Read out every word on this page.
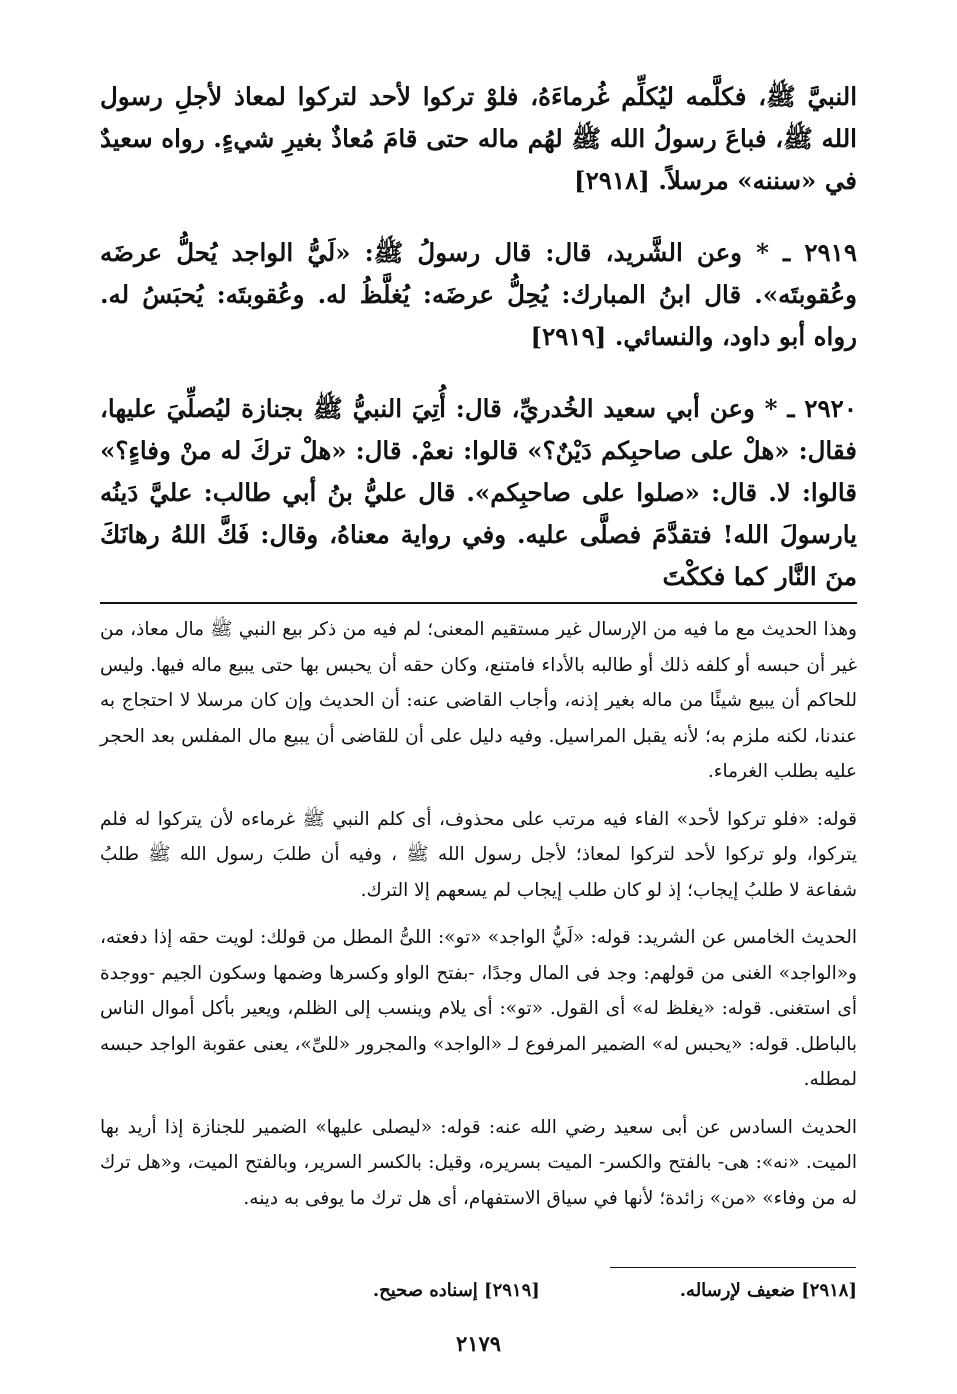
النبيَّ ﷺ، فكلَّمه ليُكلِّم غُرماءَهُ، فلوْ تركوا لأحد لتركوا لمعاذ لأجلِ رسول الله ﷺ، فباعَ رسولُ الله ﷺ لهُم ماله حتى قامَ مُعاذٌ بغيرِ شيءٍ. رواه سعيدٌ في «سننه» مرسلاً. [٢٩١٨]

٢٩١٩ ـ * وعن الشَّريد، قال: قال رسولُ ﷺ: «لَيُّ الواجد يُحلُّ عرضَه وعُقوبتَه». قال ابنُ المبارك: يُحِلُّ عرضَه: يُغلَّظُ له. وعُقوبتَه: يُحبَسُ له. رواه أبو داود، والنسائي. [٢٩١٩]

٢٩٢٠ ـ * وعن أبي سعيد الخُدريِّ، قال: أُتِيَ النبيُّ ﷺ بجنازة ليُصلِّيَ عليها، فقال: «هلْ على صاحبِكم دَيْنٌ؟» قالوا: نعمْ. قال: «هلْ تركَ له منْ وفاءٍ؟» قالوا: لا. قال: «صلوا على صاحبِكم». قال عليُّ بنُ أبي طالب: عليَّ دَينُه يارسولَ الله! فتقدَّمَ فصلَّى عليه. وفي رواية معناهُ، وقال: فَكَّ اللهُ رهانَكَ منَ النَّار كما فككْتَ

وهذا الحديث مع ما فيه من الإرسال غير مستقيم المعنى؛ لم فيه من ذكر بيع النبي ﷺ مال معاذ، من غير أن حبسه أو كلفه ذلك أو طالبه بالأداء فامتنع، وكان حقه أن يحبس بها حتى يبيع ماله فيها. وليس للحاكم أن يبيع شيئًا من ماله بغير إذنه، وأجاب القاضى عنه: أن الحديث وإن كان مرسلا لا احتجاج به عندنا، لكنه ملزم به؛ لأنه يقبل المراسيل. وفيه دليل على أن للقاضى أن يبيع مال المفلس بعد الحجر عليه بطلب الغرماء.

قوله: «فلو تركوا لأحد» الفاء فيه مرتب على محذوف، أى كلم النبي ﷺ غرماءه لأن يتركوا له فلم يتركوا، ولو تركوا لأحد لتركوا لمعاذ؛ لأجل رسول الله ﷺ ، وفيه أن طلبَ رسول الله ﷺ طلبُ شفاعة لا طلبُ إيجاب؛ إذ لو كان طلب إيجاب لم يسعهم إلا الترك.

الحديث الخامس عن الشريد: قوله: «لَيُّ الواجد» «تو»: اللىُّ المطل من قولك: لويت حقه إذا دفعته، و«الواجد» الغنى من قولهم: وجد فى المال وجدًا، -بفتح الواو وكسرها وضمها وسكون الجيم -ووجدة أى استغنى. قوله: «يغلظ له» أى القول. «تو»: أى يلام وينسب إلى الظلم، ويعير بأكل أموال الناس بالباطل. قوله: «يحبس له» الضمير المرفوع لـ «الواجد» والمجرور «للىِّ»، يعنى عقوبة الواجد حبسه لمطله.

الحديث السادس عن أبى سعيد رضي الله عنه: قوله: «ليصلى عليها» الضمير للجنازة إذا أريد بها الميت. «نه»: هى- بالفتح والكسر- الميت بسريره، وقيل: بالكسر السرير، وبالفتح الميت، و«هل ترك له من وفاء» «من» زائدة؛ لأنها في سياق الاستفهام، أى هل ترك ما يوفى به دينه.

[٢٩١٨] ضعيف لإرساله.
[٢٩١٩] إسناده صحيح.
٢١٧٩
